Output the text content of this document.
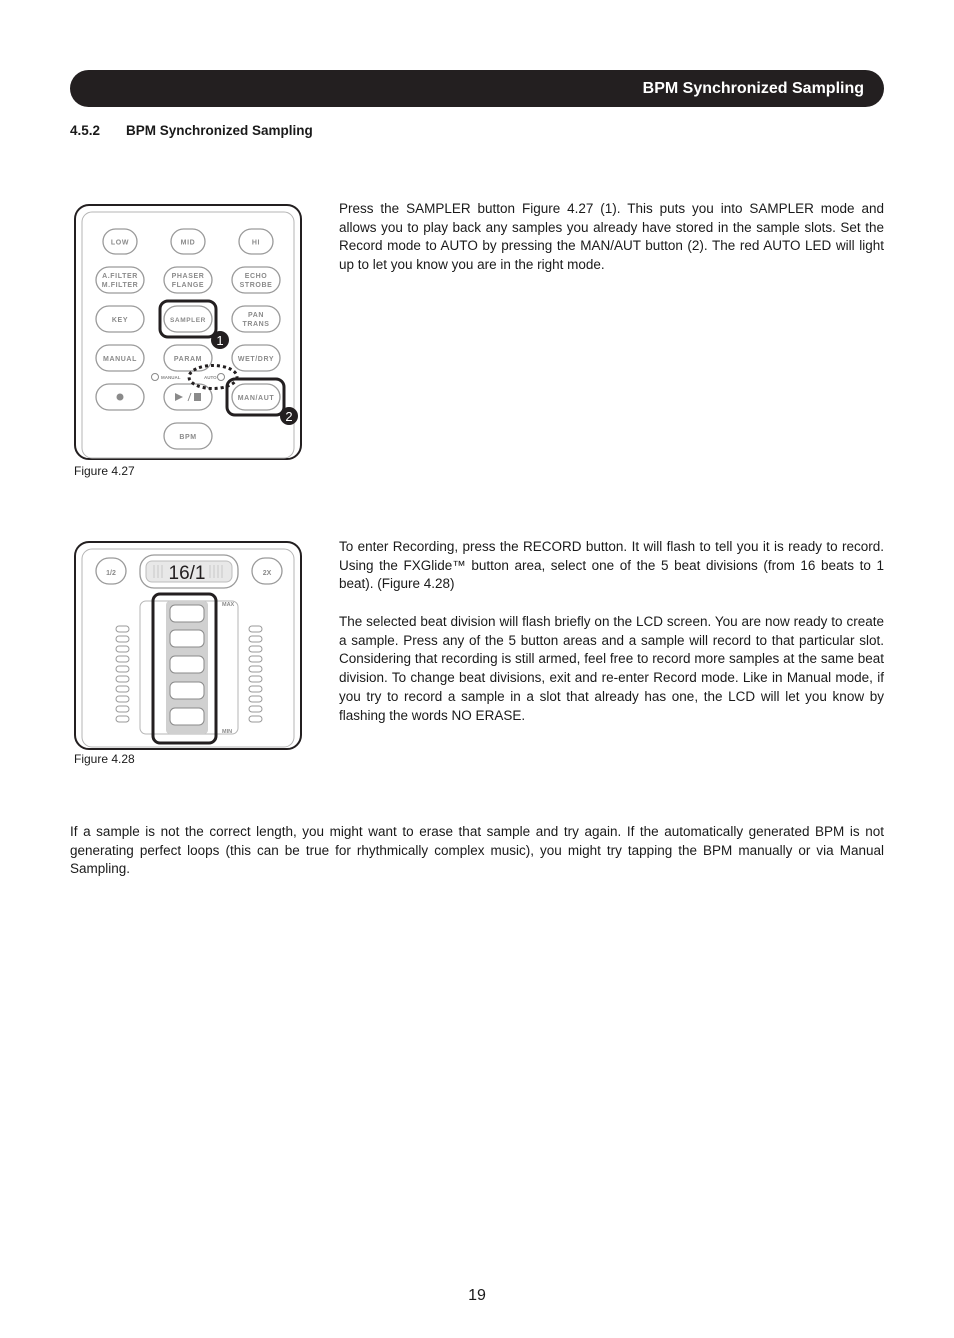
BPM Synchronized Sampling
4.5.2 BPM Synchronized Sampling
LOW	MID	HI
A.FILTER
M.FILTER
PHASER
FLANGE
ECHO
STROBE
KEY	SAMPLER
PAN
TRANS
MANUAL	PARAM	WET/DRY
MAN/AUT
BPM
MANUAL	AUTO
1
2
Figure 4.27

Press the SAMPLER button Figure 4.27 (1). This puts you into SAMPLER mode and allows you to play back any samples you already have stored in the sample slots. Set the Record mode to AUTO by pressing the MAN/AUT button (2). The red AUTO LED will light up to let you know you are in the right mode.

1/2	2X
16/1
MAX
MIN
Figure 4.28

To enter Recording, press the RECORD button. It will flash to tell you it is ready to record. Using the FXGlide™ button area, select one of the 5 beat divisions (from 16 beats to 1 beat). (Figure 4.28)

The selected beat division will flash briefly on the LCD screen. You are now ready to create a sample. Press any of the 5 button areas and a sample will record to that particular slot. Considering that recording is still armed, feel free to record more samples at the same beat division. To change beat divisions, exit and re-enter Record mode. Like in Manual mode, if you try to record a sample in a slot that already has one, the LCD will let you know by flashing the words NO ERASE.

If a sample is not the correct length, you might want to erase that sample and try again. If the automatically generated BPM is not generating perfect loops (this can be true for rhythmically complex music), you might try tapping the BPM manually or via Manual Sampling.

19
